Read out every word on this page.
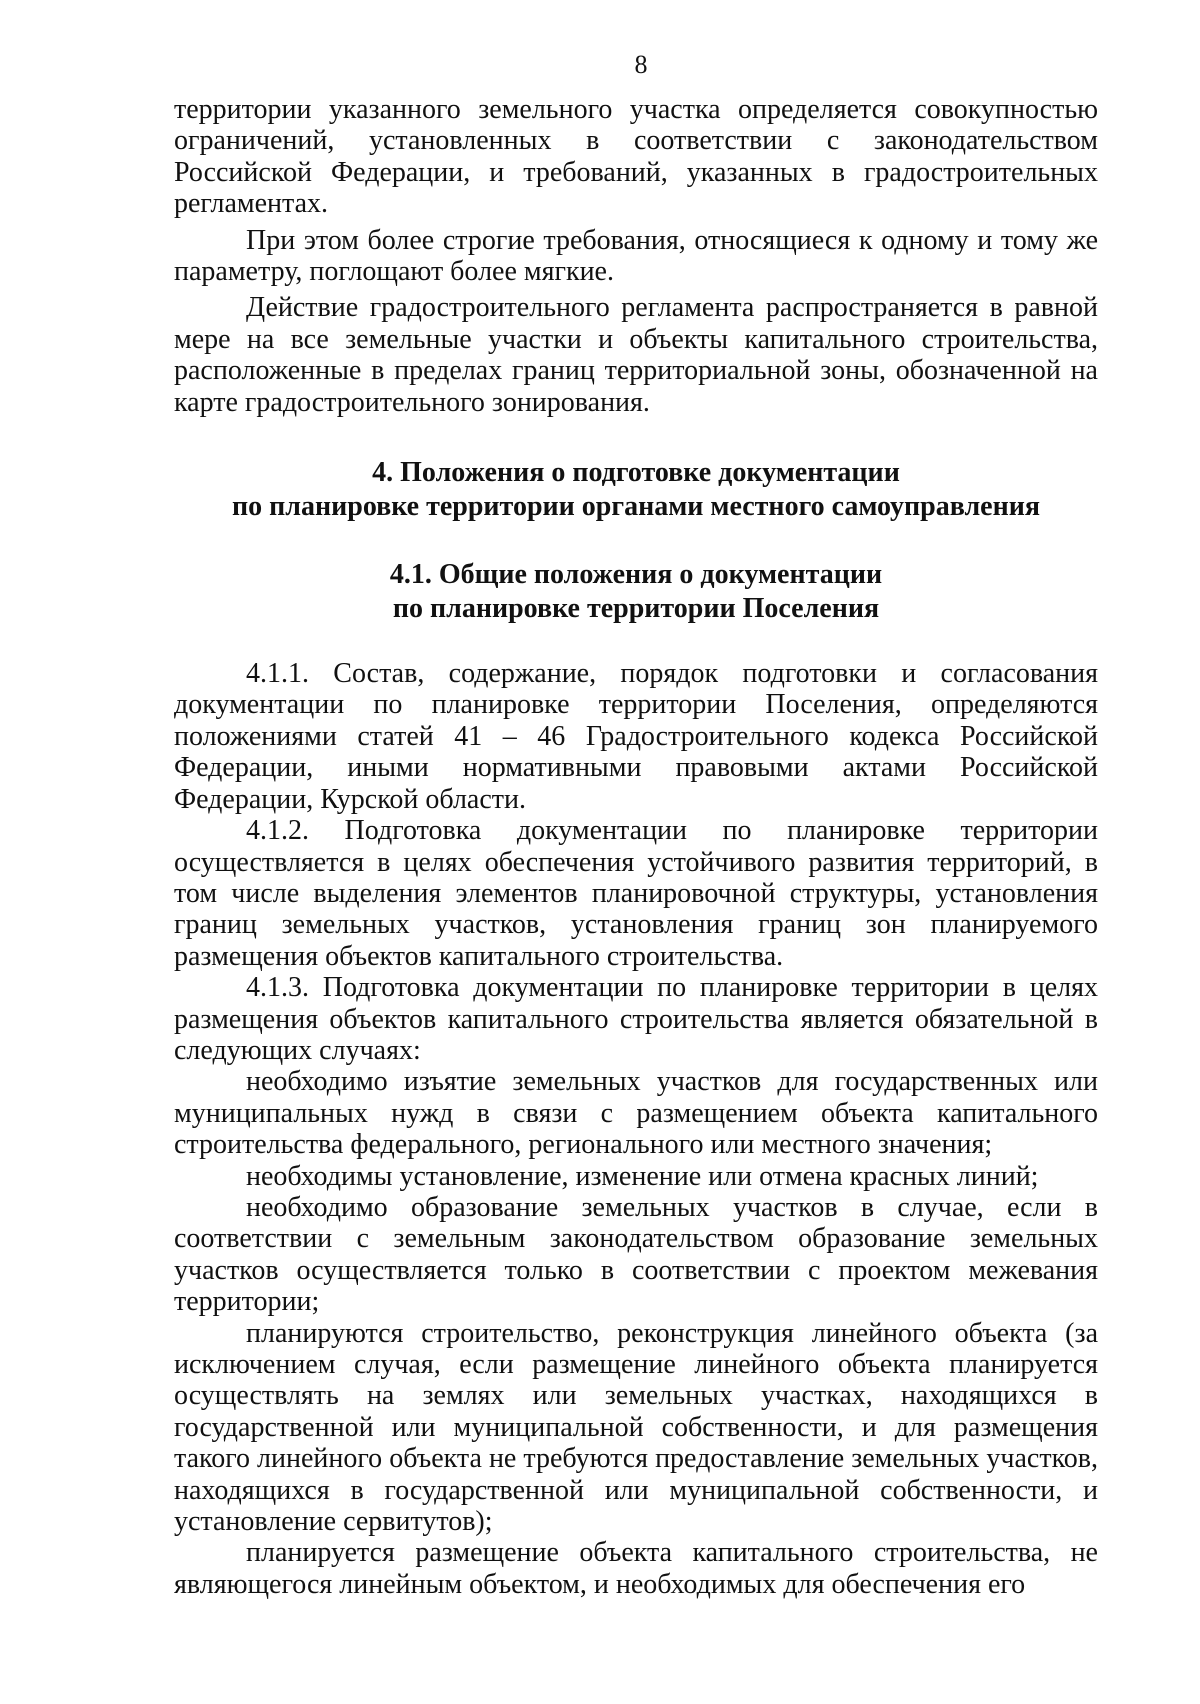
8

территории указанного земельного участка определяется совокупностью ограничений, установленных в соответствии с законодательством Российской Федерации, и требований, указанных в градостроительных регламентах.

При этом более строгие требования, относящиеся к одному и тому же параметру, поглощают более мягкие.

Действие градостроительного регламента распространяется в равной мере на все земельные участки и объекты капитального строительства, расположенные в пределах границ территориальной зоны, обозначенной на карте градостроительного зонирования.

4. Положения о подготовке документации
по планировке территории органами местного самоуправления
4.1. Общие положения о документации
по планировке территории Поселения

4.1.1. Состав, содержание, порядок подготовки и согласования документации по планировке территории Поселения, определяются положениями статей 41 – 46 Градостроительного кодекса Российской Федерации, иными нормативными правовыми актами Российской Федерации, Курской области.

4.1.2. Подготовка документации по планировке территории осуществляется в целях обеспечения устойчивого развития территорий, в том числе выделения элементов планировочной структуры, установления границ земельных участков, установления границ зон планируемого размещения объектов капитального строительства.

4.1.3. Подготовка документации по планировке территории в целях размещения объектов капитального строительства является обязательной в следующих случаях:

необходимо изъятие земельных участков для государственных или муниципальных нужд в связи с размещением объекта капитального строительства федерального, регионального или местного значения;

необходимы установление, изменение или отмена красных линий;

необходимо образование земельных участков в случае, если в соответствии с земельным законодательством образование земельных участков осуществляется только в соответствии с проектом межевания территории;

планируются строительство, реконструкция линейного объекта (за исключением случая, если размещение линейного объекта планируется осуществлять на землях или земельных участках, находящихся в государственной или муниципальной собственности, и для размещения такого линейного объекта не требуются предоставление земельных участков, находящихся в государственной или муниципальной собственности, и установление сервитутов);

планируется размещение объекта капитального строительства, не являющегося линейным объектом, и необходимых для обеспечения его
